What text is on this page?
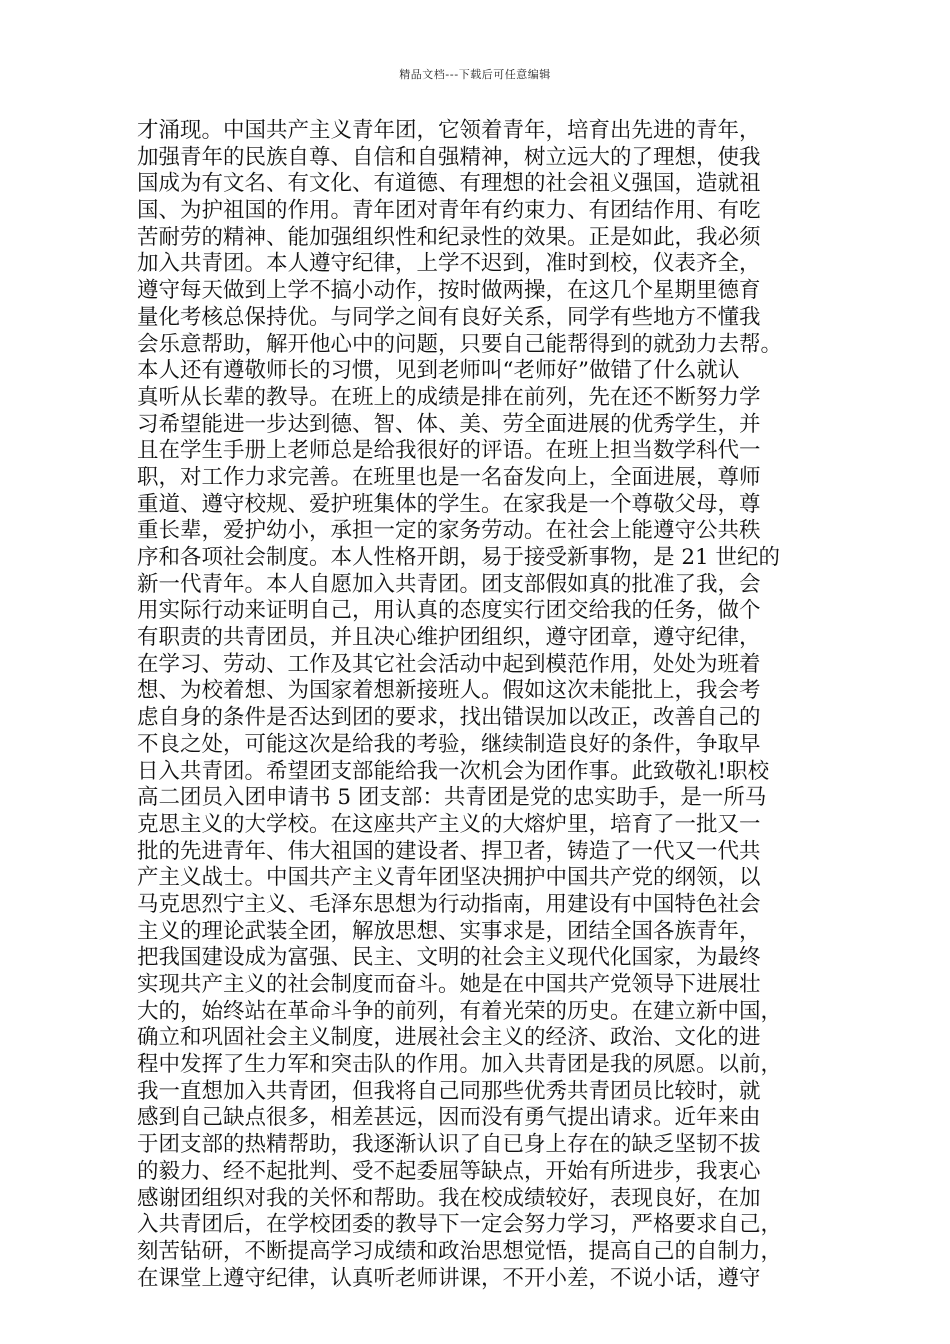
精品文档---下载后可任意编辑
才涌现。中国共产主义青年团，它领着青年，培育出先进的青年，
加强青年的民族自尊、自信和自强精神，树立远大的了理想，使我
国成为有文名、有文化、有道德、有理想的社会祖义强国，造就祖
国、为护祖国的作用。青年团对青年有约束力、有团结作用、有吃
苦耐劳的精神、能加强组织性和纪录性的效果。正是如此，我必须
加入共青团。本人遵守纪律，上学不迟到，准时到校，仪表齐全，
遵守每天做到上学不搞小动作，按时做两操，在这几个星期里德育
量化考核总保持优。与同学之间有良好关系，同学有些地方不懂我
会乐意帮助，解开他心中的问题，只要自己能帮得到的就劲力去帮。
本人还有遵敬师长的习惯，见到老师叫“老师好”做错了什么就认
真听从长辈的教导。在班上的成绩是排在前列，先在还不断努力学
习希望能进一步达到德、智、体、美、劳全面进展的优秀学生，并
且在学生手册上老师总是给我很好的评语。在班上担当数学科代一
职，对工作力求完善。在班里也是一名奋发向上，全面进展，尊师
重道、遵守校规、爱护班集体的学生。在家我是一个尊敬父母，尊
重长辈，爱护幼小，承担一定的家务劳动。在社会上能遵守公共秩
序和各项社会制度。本人性格开朗，易于接受新事物，是 21 世纪的
新一代青年。本人自愿加入共青团。团支部假如真的批准了我，会
用实际行动来证明自己，用认真的态度实行团交给我的任务，做个
有职责的共青团员，并且决心维护团组织，遵守团章，遵守纪律，
在学习、劳动、工作及其它社会活动中起到模范作用，处处为班着
想、为校着想、为国家着想新接班人。假如这次未能批上，我会考
虑自身的条件是否达到团的要求，找出错误加以改正，改善自己的
不良之处，可能这次是给我的考验，继续制造良好的条件，争取早
日入共青团。希望团支部能给我一次机会为团作事。此致敬礼!职校
高二团员入团申请书 5 团支部：共青团是党的忠实助手，是一所马
克思主义的大学校。在这座共产主义的大熔炉里，培育了一批又一
批的先进青年、伟大祖国的建设者、捍卫者，铸造了一代又一代共
产主义战士。中国共产主义青年团坚决拥护中国共产党的纲领，以
马克思烈宁主义、毛泽东思想为行动指南，用建设有中国特色社会
主义的理论武装全团，解放思想、实事求是，团结全国各族青年，
把我国建设成为富强、民主、文明的社会主义现代化国家，为最终
实现共产主义的社会制度而奋斗。她是在中国共产党领导下进展壮
大的，始终站在革命斗争的前列，有着光荣的历史。在建立新中国，
确立和巩固社会主义制度，进展社会主义的经济、政治、文化的进
程中发挥了生力军和突击队的作用。加入共青团是我的夙愿。以前，
我一直想加入共青团，但我将自己同那些优秀共青团员比较时，就
感到自己缺点很多，相差甚远，因而没有勇气提出请求。近年来由
于团支部的热精帮助，我逐渐认识了自已身上存在的缺乏坚韧不拔
的毅力、经不起批判、受不起委屈等缺点，开始有所进步，我衷心
感谢团组织对我的关怀和帮助。我在校成绩较好，表现良好，在加
入共青团后，在学校团委的教导下一定会努力学习，严格要求自己，
刻苦钻研，不断提高学习成绩和政治思想觉悟，提高自己的自制力，
在课堂上遵守纪律，认真听老师讲课，不开小差，不说小话，遵守
